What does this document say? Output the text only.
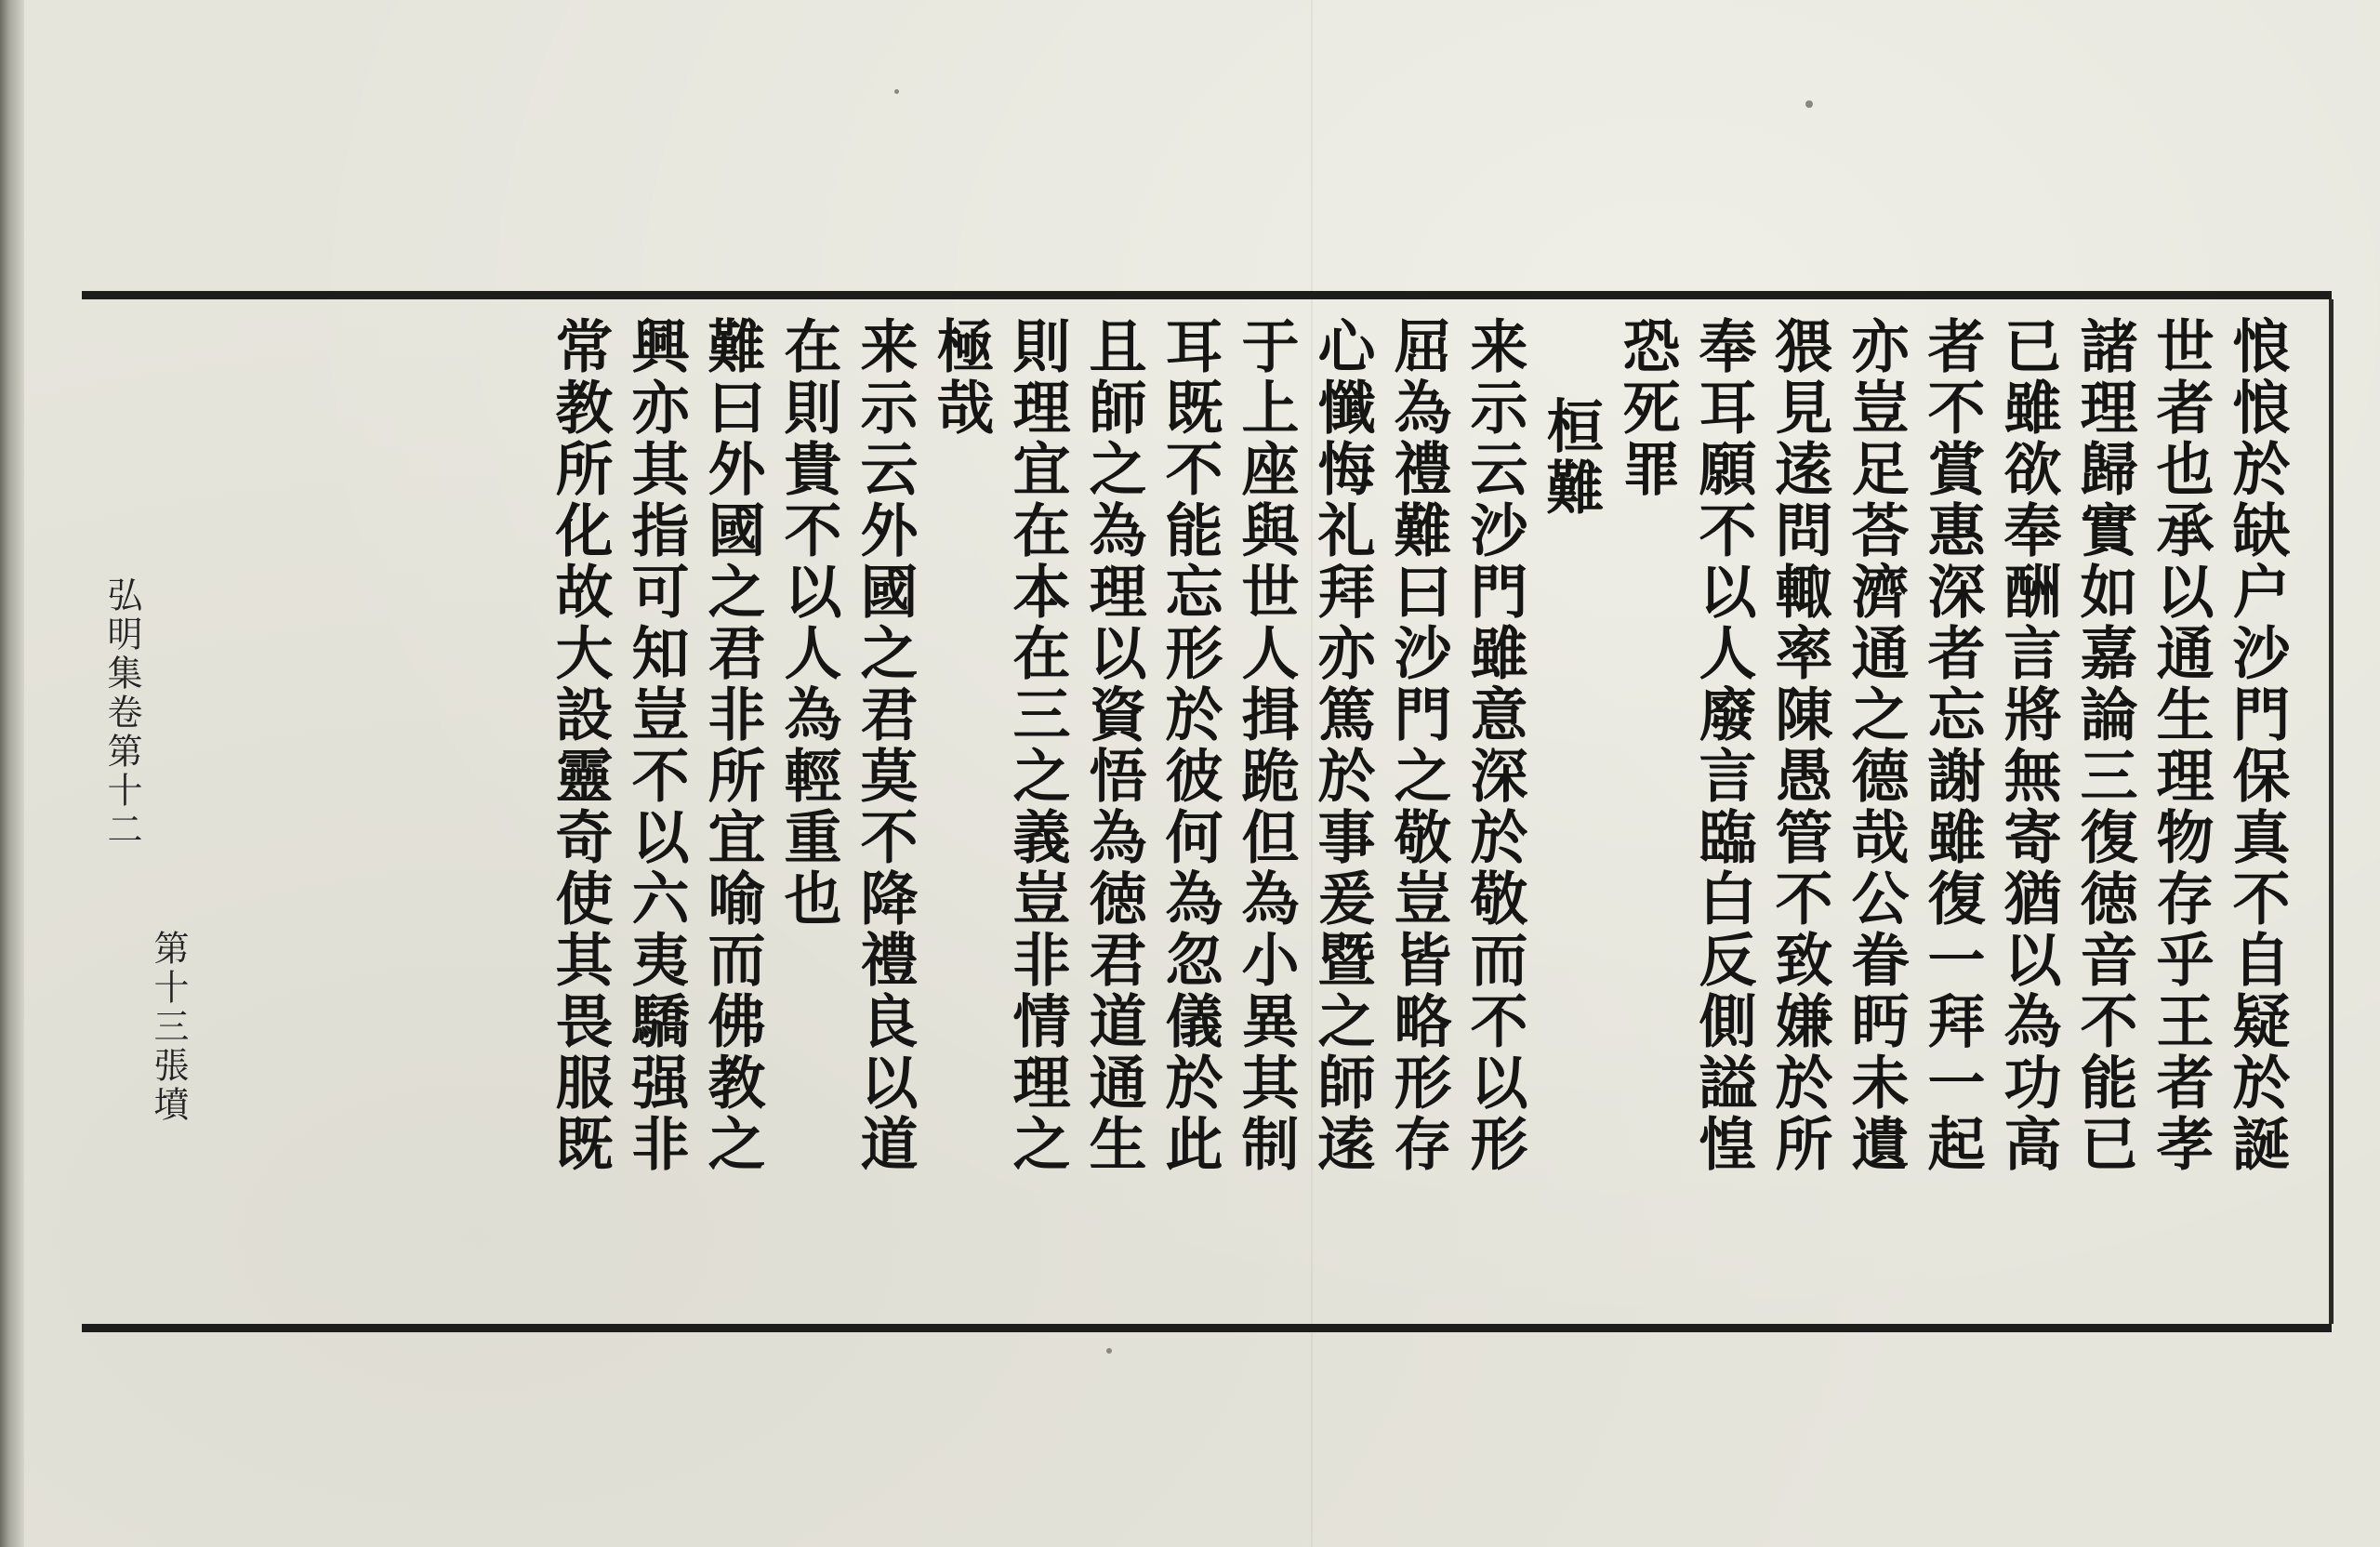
悢悢於缺户沙門保真不自疑於誕
世者也承以通生理物存乎王者孝
諸理歸實如嘉論三復徳音不能已
已雖欲奉酬言將無寄猶以為功高
者不賞惠深者忘謝雖復一拜一起
亦豈足荅濟通之德哉公眷眄未遺
猥見逺問輙率陳愚管不致嫌於所
奉耳願不以人廢言臨白反側謚惶
恐死罪
桓難
来示云沙門雖意深於敬而不以形
屈為禮難曰沙門之敬豈皆略形存
心懺悔礼拜亦篤於事爰暨之師逺
于上座與世人揖跪但為小異其制
耳既不能忘形於彼何為忽儀於此
且師之為理以資悟為徳君道通生
則理宜在本在三之義豈非情理之
極哉
来示云外國之君莫不降禮良以道
在則貴不以人為輕重也
難曰外國之君非所宜喻而佛教之
興亦其指可知豈不以六夷驕强非
常教所化故大設靈奇使其畏服既
弘明集卷第十二
第十三張墳
